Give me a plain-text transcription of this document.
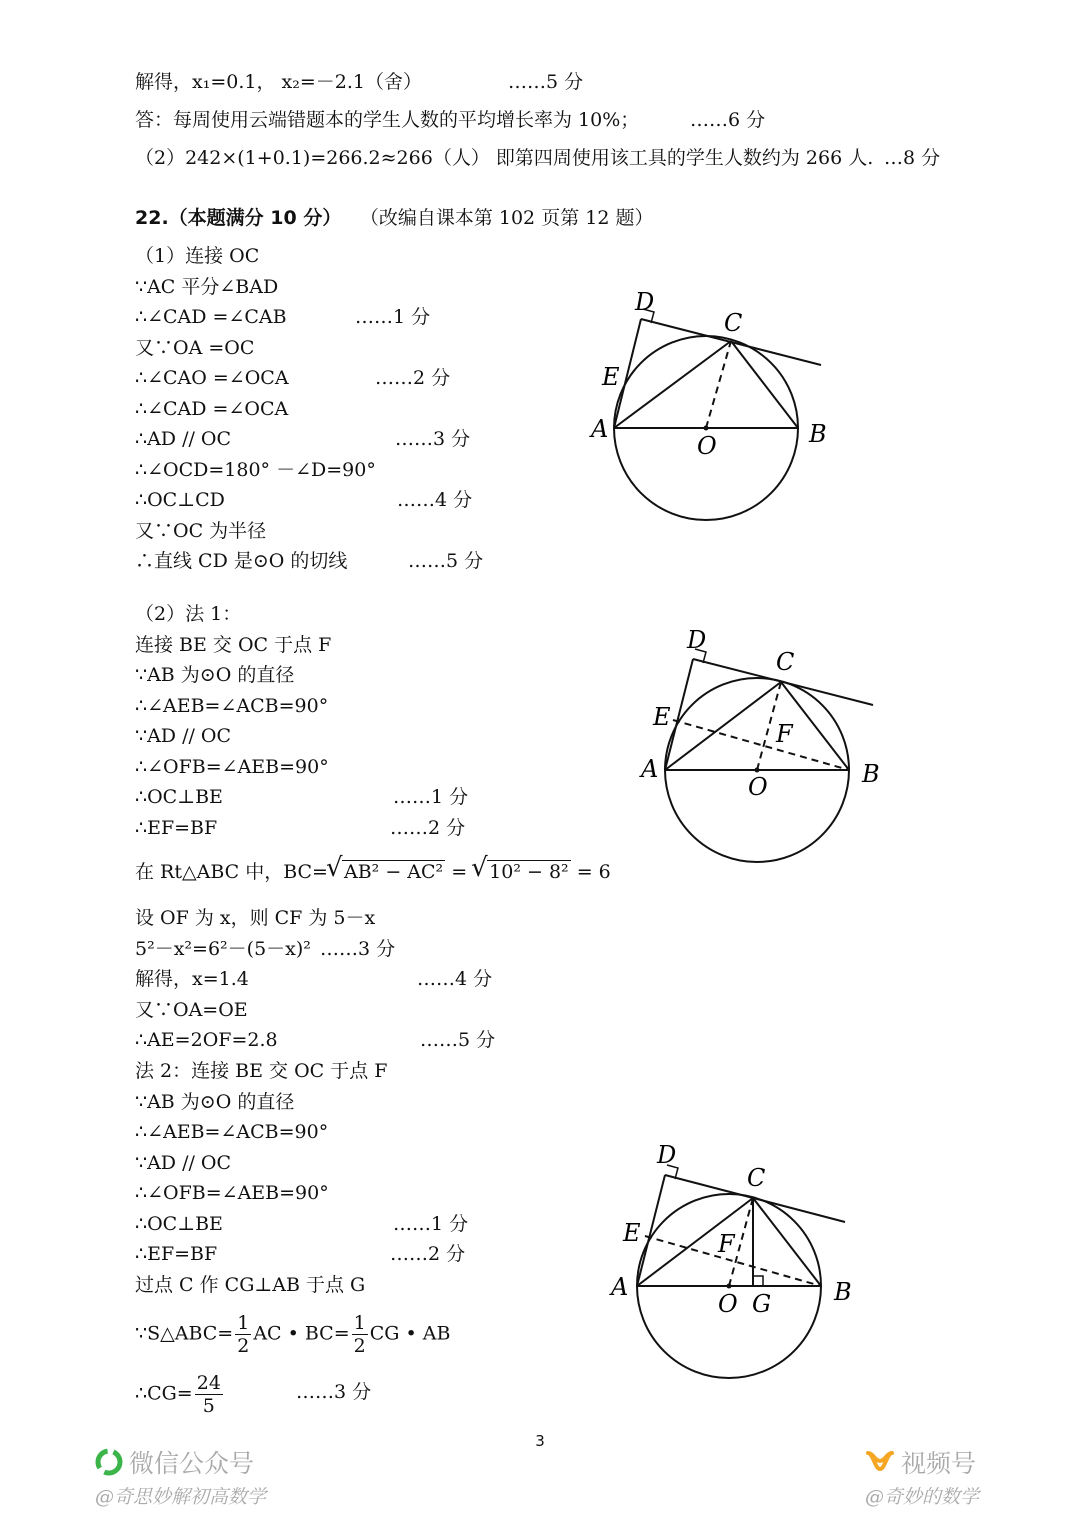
解得，x₁=0.1， x₂=－2.1（舍）	……5 分
答：每周使用云端错题本的学生人数的平均增长率为 10%；	……6 分
（2）242×(1+0.1)=266.2≈266（人） 即第四周使用该工具的学生人数约为 266 人. …8 分
22.（本题满分 10 分） （改编自课本第 102 页第 12 题）
（1）连接 OC
∵AC 平分∠BAD
∴∠CAD =∠CAB	……1 分
又∵OA =OC
∴∠CAO =∠OCA	……2 分
∴∠CAD =∠OCA
∴AD // OC	……3 分
∴∠OCD=180° －∠D=90°
∴OC⊥CD	……4 分
又∵OC 为半径
∴直线 CD 是⊙O 的切线	……5 分
（2）法 1：
连接 BE 交 OC 于点 F
∵AB 为⊙O 的直径
∴∠AEB=∠ACB=90°
∵AD // OC
∴∠OFB=∠AEB=90°
∴OC⊥BE	……1 分
∴EF=BF	……2 分
在 Rt△ABC 中，BC= √ AB² − AC² = √ 10² − 8² = 6
设 OF 为 x，则 CF 为 5－x
5²－x²=6²－(5－x)² ……3 分
解得，x=1.4	……4 分
又∵OA=OE
∴AE=2OF=2.8	……5 分
法 2：连接 BE 交 OC 于点 F
∵AB 为⊙O 的直径
∴∠AEB=∠ACB=90°
∵AD // OC
∴∠OFB=∠AEB=90°
∴OC⊥BE	……1 分
∴EF=BF	……2 分
过点 C 作 CG⊥AB 于点 G
∵S△ABC= $\frac{1}{2}$ AC • $BC= \frac{1}{2}$ CG • AB
∴CG= $\frac{24}{5}$	……3 分
D
C
E
A
O	B
D
C
E
F
A
O	B
D
C
E	F
A
O G	B
3
微信公众号
@奇思妙解初高数学
视频号
@奇妙的数学
